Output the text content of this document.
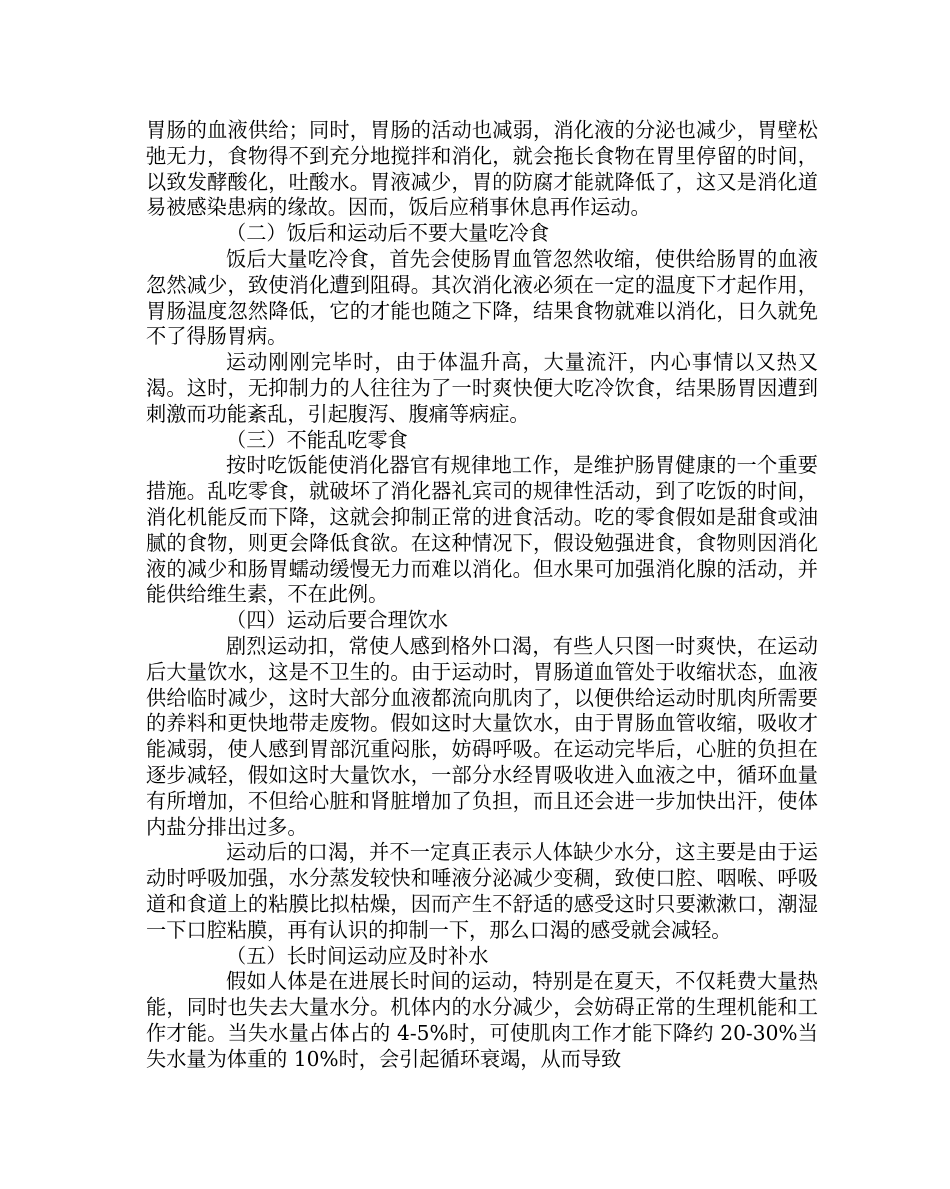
胃肠的血液供给；同时，胃肠的活动也减弱，消化液的分泌也减少，胃壁松弛无力，食物得不到充分地搅拌和消化，就会拖长食物在胃里停留的时间，以致发酵酸化，吐酸水。胃液减少，胃的防腐才能就降低了，这又是消化道易被感染患病的缘故。因而，饭后应稍事休息再作运动。

（二）饭后和运动后不要大量吃冷食

饭后大量吃冷食，首先会使肠胃血管忽然收缩，使供给肠胃的血液忽然减少，致使消化遭到阻碍。其次消化液必须在一定的温度下才起作用，胃肠温度忽然降低，它的才能也随之下降，结果食物就难以消化，日久就免不了得肠胃病。

运动刚刚完毕时，由于体温升高，大量流汗，内心事情以又热又渴。这时，无抑制力的人往往为了一时爽快便大吃冷饮食，结果肠胃因遭到刺激而功能紊乱，引起腹泻、腹痛等病症。

（三）不能乱吃零食

按时吃饭能使消化器官有规律地工作，是维护肠胃健康的一个重要措施。乱吃零食，就破坏了消化器礼宾司的规律性活动，到了吃饭的时间，消化机能反而下降，这就会抑制正常的进食活动。吃的零食假如是甜食或油腻的食物，则更会降低食欲。在这种情况下，假设勉强进食，食物则因消化液的减少和肠胃蠕动缓慢无力而难以消化。但水果可加强消化腺的活动，并能供给维生素，不在此例。

（四）运动后要合理饮水

剧烈运动扣，常使人感到格外口渴，有些人只图一时爽快，在运动后大量饮水，这是不卫生的。由于运动时，胃肠道血管处于收缩状态，血液供给临时减少，这时大部分血液都流向肌肉了，以便供给运动时肌肉所需要的养料和更快地带走废物。假如这时大量饮水，由于胃肠血管收缩，吸收才能减弱，使人感到胃部沉重闷胀，妨碍呼吸。在运动完毕后，心脏的负担在逐步减轻，假如这时大量饮水，一部分水经胃吸收进入血液之中，循环血量有所增加，不但给心脏和肾脏增加了负担，而且还会进一步加快出汗，使体内盐分排出过多。

运动后的口渴，并不一定真正表示人体缺少水分，这主要是由于运动时呼吸加强，水分蒸发较快和唾液分泌减少变稠，致使口腔、咽喉、呼吸道和食道上的粘膜比拟枯燥，因而产生不舒适的感受这时只要漱漱口，潮湿一下口腔粘膜，再有认识的抑制一下，那么口渴的感受就会减轻。

（五）长时间运动应及时补水

假如人体是在进展长时间的运动，特别是在夏天，不仅耗费大量热能，同时也失去大量水分。机体内的水分减少，会妨碍正常的生理机能和工作才能。当失水量占体占的 4-5%时，可使肌肉工作才能下降约 20-30%当失水量为体重的 10%时，会引起循环衰竭，从而导致
